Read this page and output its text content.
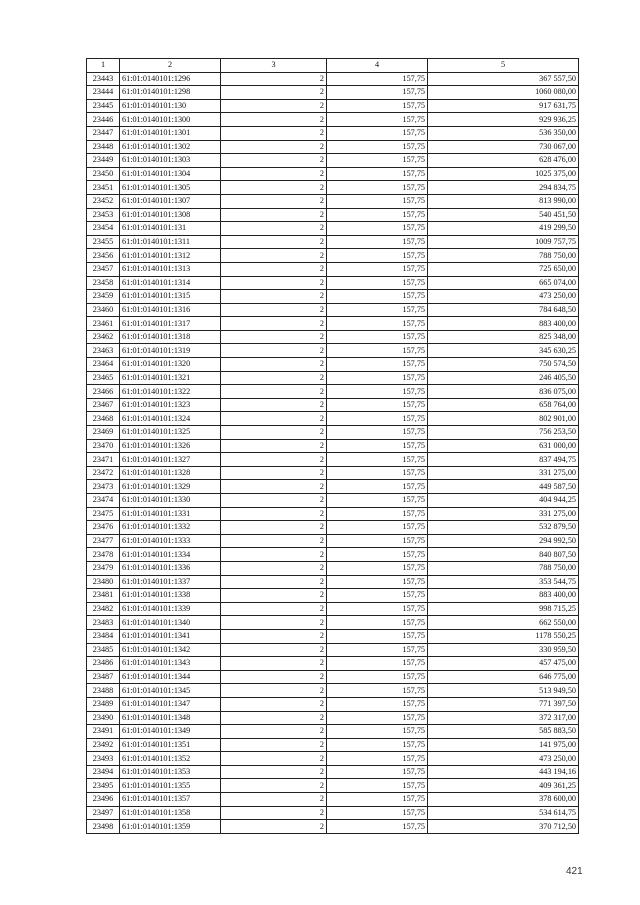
1	2	3	4	5
23443	61:01:0140101:1296	2	157,75	367 557,50
23444	61:01:0140101:1298	2	157,75	1060 080,00
23445	61:01:0140101:130	2	157,75	917 631,75
23446	61:01:0140101:1300	2	157,75	929 936,25
23447	61:01:0140101:1301	2	157,75	536 350,00
23448	61:01:0140101:1302	2	157,75	730 067,00
23449	61:01:0140101:1303	2	157,75	628 476,00
23450	61:01:0140101:1304	2	157,75	1025 375,00
23451	61:01:0140101:1305	2	157,75	294 834,75
23452	61:01:0140101:1307	2	157,75	813 990,00
23453	61:01:0140101:1308	2	157,75	540 451,50
23454	61:01:0140101:131	2	157,75	419 299,50
23455	61:01:0140101:1311	2	157,75	1009 757,75
23456	61:01:0140101:1312	2	157,75	788 750,00
23457	61:01:0140101:1313	2	157,75	725 650,00
23458	61:01:0140101:1314	2	157,75	665 074,00
23459	61:01:0140101:1315	2	157,75	473 250,00
23460	61:01:0140101:1316	2	157,75	784 648,50
23461	61:01:0140101:1317	2	157,75	883 400,00
23462	61:01:0140101:1318	2	157,75	825 348,00
23463	61:01:0140101:1319	2	157,75	345 630,25
23464	61:01:0140101:1320	2	157,75	750 574,50
23465	61:01:0140101:1321	2	157,75	246 405,50
23466	61:01:0140101:1322	2	157,75	836 075,00
23467	61:01:0140101:1323	2	157,75	658 764,00
23468	61:01:0140101:1324	2	157,75	802 901,00
23469	61:01:0140101:1325	2	157,75	756 253,50
23470	61:01:0140101:1326	2	157,75	631 000,00
23471	61:01:0140101:1327	2	157,75	837 494,75
23472	61:01:0140101:1328	2	157,75	331 275,00
23473	61:01:0140101:1329	2	157,75	449 587,50
23474	61:01:0140101:1330	2	157,75	404 944,25
23475	61:01:0140101:1331	2	157,75	331 275,00
23476	61:01:0140101:1332	2	157,75	532 879,50
23477	61:01:0140101:1333	2	157,75	294 992,50
23478	61:01:0140101:1334	2	157,75	840 807,50
23479	61:01:0140101:1336	2	157,75	788 750,00
23480	61:01:0140101:1337	2	157,75	353 544,75
23481	61:01:0140101:1338	2	157,75	883 400,00
23482	61:01:0140101:1339	2	157,75	998 715,25
23483	61:01:0140101:1340	2	157,75	662 550,00
23484	61:01:0140101:1341	2	157,75	1178 550,25
23485	61:01:0140101:1342	2	157,75	330 959,50
23486	61:01:0140101:1343	2	157,75	457 475,00
23487	61:01:0140101:1344	2	157,75	646 775,00
23488	61:01:0140101:1345	2	157,75	513 949,50
23489	61:01:0140101:1347	2	157,75	771 397,50
23490	61:01:0140101:1348	2	157,75	372 317,00
23491	61:01:0140101:1349	2	157,75	585 883,50
23492	61:01:0140101:1351	2	157,75	141 975,00
23493	61:01:0140101:1352	2	157,75	473 250,00
23494	61:01:0140101:1353	2	157,75	443 194,16
23495	61:01:0140101:1355	2	157,75	409 361,25
23496	61:01:0140101:1357	2	157,75	378 600,00
23497	61:01:0140101:1358	2	157,75	534 614,75
23498	61:01:0140101:1359	2	157,75	370 712,50
421
